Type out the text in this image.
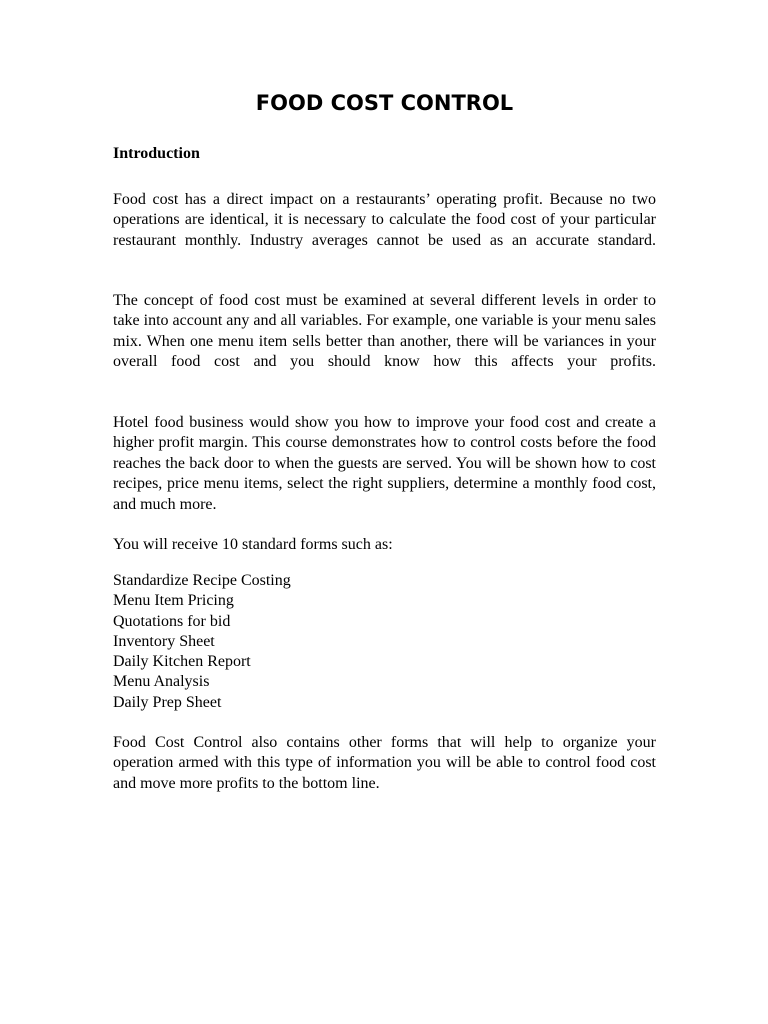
FOOD COST CONTROL
Introduction

Food cost has a direct impact on a restaurants’ operating profit. Because no two operations are identical, it is necessary to calculate the food cost of your particular restaurant monthly. Industry averages cannot be used as an accurate standard.

The concept of food cost must be examined at several different levels in order to take into account any and all variables. For example, one variable is your menu sales mix. When one menu item sells better than another, there will be variances in your overall food cost and you should know how this affects your profits.

Hotel food business would show you how to improve your food cost and create a higher profit margin. This course demonstrates how to control costs before the food reaches the back door to when the guests are served. You will be shown how to cost recipes, price menu items, select the right suppliers, determine a monthly food cost, and much more.

You will receive 10 standard forms such as:

Standardize Recipe Costing
Menu Item Pricing
Quotations for bid
Inventory Sheet
Daily Kitchen Report
Menu Analysis
Daily Prep Sheet

Food Cost Control also contains other forms that will help to organize your operation armed with this type of information you will be able to control food cost and move more profits to the bottom line.
